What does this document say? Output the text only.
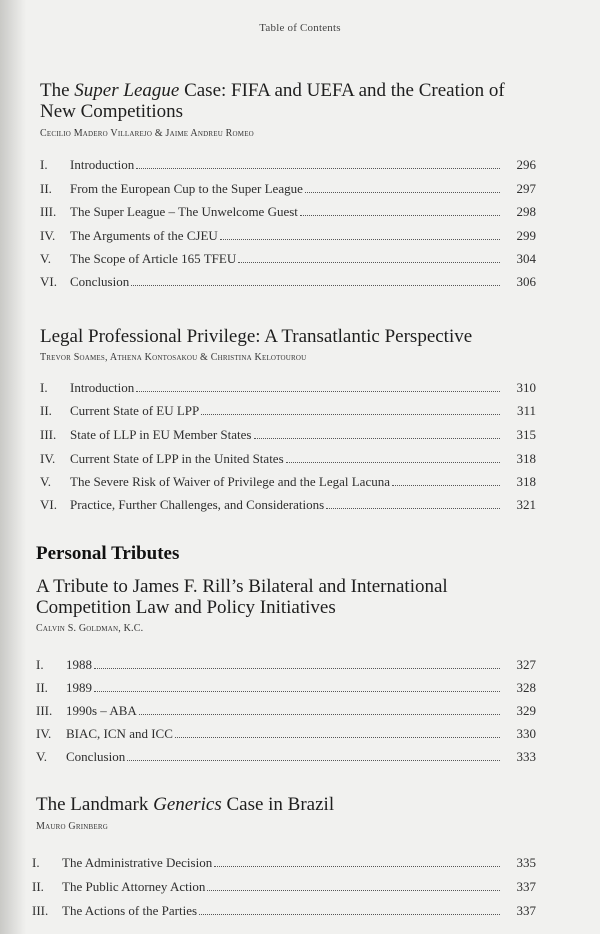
Table of Contents
The Super League Case: FIFA and UEFA and the Creation of New Competitions
Cecilio Madero Villarejo & Jaime Andreu Romeo
I.	Introduction	296
II.	From the European Cup to the Super League	297
III.	The Super League – The Unwelcome Guest	298
IV.	The Arguments of the CJEU	299
V.	The Scope of Article 165 TFEU	304
VI.	Conclusion	306
Legal Professional Privilege: A Transatlantic Perspective
Trevor Soames, Athena Kontosakou & Christina Kelotourou
I.	Introduction	310
II.	Current State of EU LPP	311
III.	State of LLP in EU Member States	315
IV.	Current State of LPP in the United States	318
V.	The Severe Risk of Waiver of Privilege and the Legal Lacuna	318
VI.	Practice, Further Challenges, and Considerations	321
Personal Tributes
A Tribute to James F. Rill’s Bilateral and International Competition Law and Policy Initiatives
Calvin S. Goldman, K.C.
I.	1988	327
II.	1989	328
III.	1990s – ABA	329
IV.	BIAC, ICN and ICC	330
V.	Conclusion	333
The Landmark Generics Case in Brazil
Mauro Grinberg
I.	The Administrative Decision	335
II.	The Public Attorney Action	337
III.	The Actions of the Parties	337
